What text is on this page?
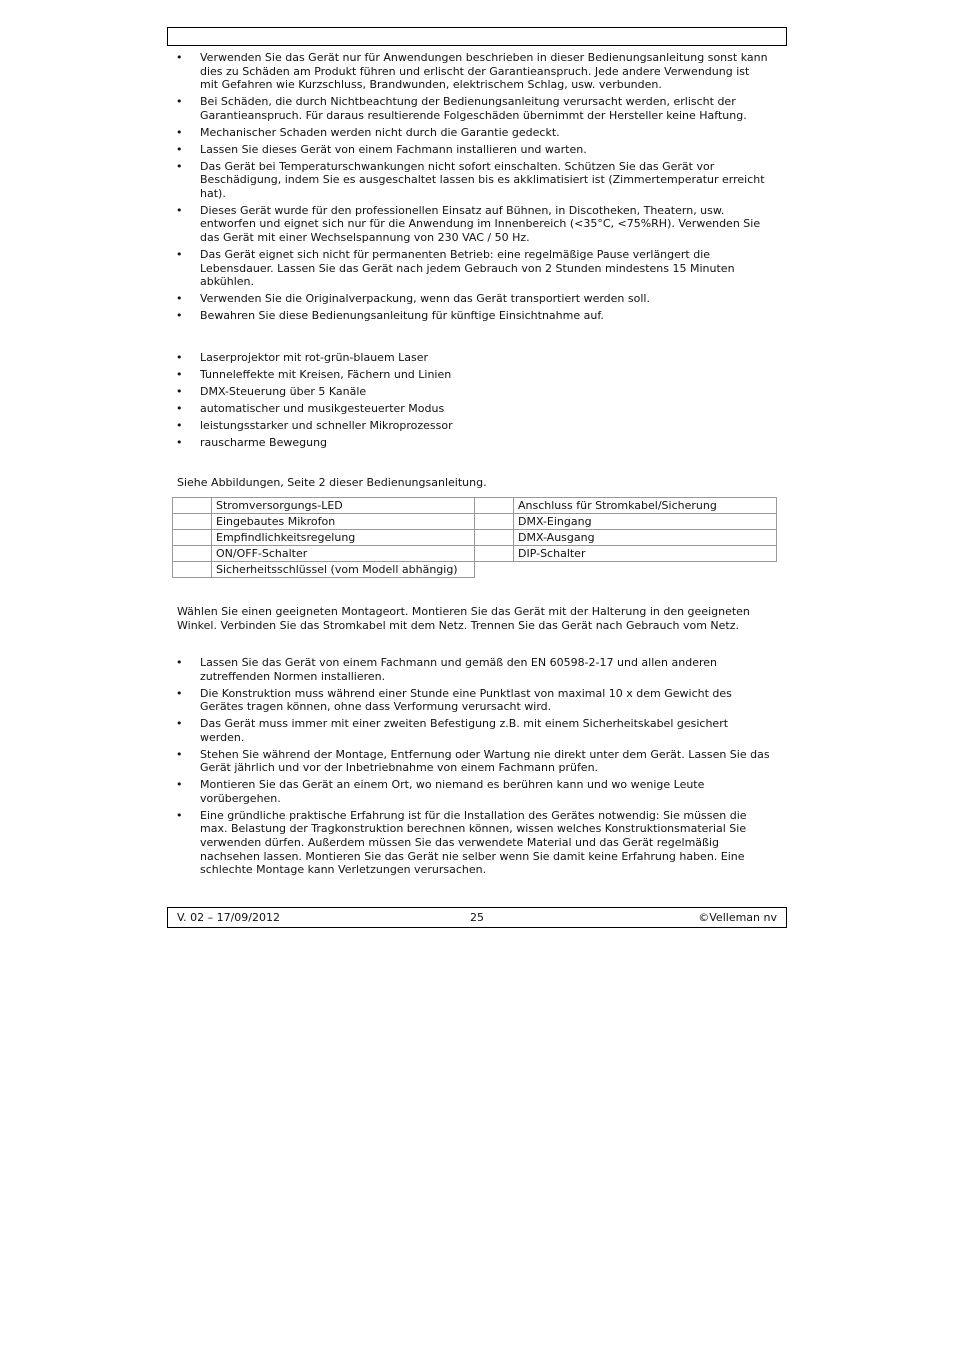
• Verwenden Sie das Gerät nur für Anwendungen beschrieben in dieser Bedienungsanleitung sonst kann dies zu Schäden am Produkt führen und erlischt der Garantieanspruch. Jede andere Verwendung ist mit Gefahren wie Kurzschluss, Brandwunden, elektrischem Schlag, usw. verbunden.
• Bei Schäden, die durch Nichtbeachtung der Bedienungsanleitung verursacht werden, erlischt der Garantieanspruch. Für daraus resultierende Folgeschäden übernimmt der Hersteller keine Haftung.
• Mechanischer Schaden werden nicht durch die Garantie gedeckt.
• Lassen Sie dieses Gerät von einem Fachmann installieren und warten.
• Das Gerät bei Temperaturschwankungen nicht sofort einschalten. Schützen Sie das Gerät vor Beschädigung, indem Sie es ausgeschaltet lassen bis es akklimatisiert ist (Zimmertemperatur erreicht hat).
• Dieses Gerät wurde für den professionellen Einsatz auf Bühnen, in Discotheken, Theatern, usw. entworfen und eignet sich nur für die Anwendung im Innenbereich (<35°C, <75%RH). Verwenden Sie das Gerät mit einer Wechselspannung von 230 VAC / 50 Hz.
• Das Gerät eignet sich nicht für permanenten Betrieb: eine regelmäßige Pause verlängert die Lebensdauer. Lassen Sie das Gerät nach jedem Gebrauch von 2 Stunden mindestens 15 Minuten abkühlen.
• Verwenden Sie die Originalverpackung, wenn das Gerät transportiert werden soll.
• Bewahren Sie diese Bedienungsanleitung für künftige Einsichtnahme auf.
• Laserprojektor mit rot-grün-blauem Laser
• Tunneleffekte mit Kreisen, Fächern und Linien
• DMX-Steuerung über 5 Kanäle
• automatischer und musikgesteuerter Modus
• leistungsstarker und schneller Mikroprozessor
• rauscharme Bewegung

Siehe Abbildungen, Seite 2 dieser Bedienungsanleitung.

	Stromversorgungs-LED		Anschluss für Stromkabel/Sicherung
	Eingebautes Mikrofon		DMX-Eingang
	Empfindlichkeitsregelung		DMX-Ausgang
	ON/OFF-Schalter		DIP-Schalter
	Sicherheitsschlüssel (vom Modell abhängig)		

Wählen Sie einen geeigneten Montageort. Montieren Sie das Gerät mit der Halterung in den geeigneten Winkel. Verbinden Sie das Stromkabel mit dem Netz. Trennen Sie das Gerät nach Gebrauch vom Netz.

• Lassen Sie das Gerät von einem Fachmann und gemäß den EN 60598-2-17 und allen anderen zutreffenden Normen installieren.
• Die Konstruktion muss während einer Stunde eine Punktlast von maximal 10 x dem Gewicht des Gerätes tragen können, ohne dass Verformung verursacht wird.
• Das Gerät muss immer mit einer zweiten Befestigung z.B. mit einem Sicherheitskabel gesichert werden.
• Stehen Sie während der Montage, Entfernung oder Wartung nie direkt unter dem Gerät. Lassen Sie das Gerät jährlich und vor der Inbetriebnahme von einem Fachmann prüfen.
• Montieren Sie das Gerät an einem Ort, wo niemand es berühren kann und wo wenige Leute vorübergehen.
• Eine gründliche praktische Erfahrung ist für die Installation des Gerätes notwendig: Sie müssen die max. Belastung der Tragkonstruktion berechnen können, wissen welches Konstruktionsmaterial Sie verwenden dürfen. Außerdem müssen Sie das verwendete Material und das Gerät regelmäßig nachsehen lassen. Montieren Sie das Gerät nie selber wenn Sie damit keine Erfahrung haben. Eine schlechte Montage kann Verletzungen verursachen.
V. 02 – 17/09/2012	25	©Velleman nv
